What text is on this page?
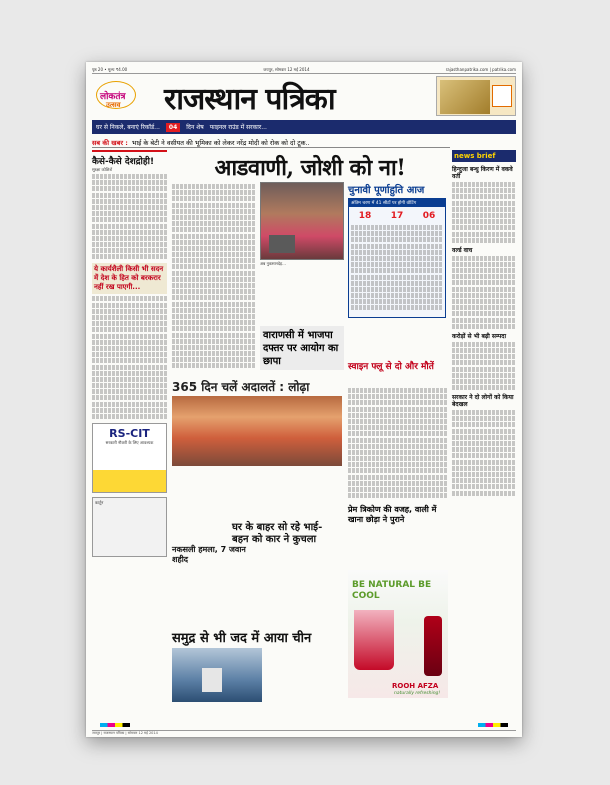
पृष्ठ 20 • मूल्य ₹4.00	जयपुर, सोमवार 12 मई 2014	rajasthanpatrika.com | patrika.com
लोकतंत्र
उत्सव राजस्थान पत्रिका
घर से निकले, बनाएं रिकॉर्ड...	04	दिन शेष फाइनल राउंड में सरकार...
सब की खबर : भाई के बेटी ने वसीयत की भूमिका को लेकर नरेंद्र मोदी को रोक को दो टूक..
कैसे-कैसे देशद्रोही!
सुरक्षा कोशिशें
ये कार्यशैली किसी भी सदन में देश के हित को बरकरार नहीं रख पाएगी...
RS-CIT
सरकारी नौकरी के लिए आवश्यक
कार्टून
आडवाणी, जोशी को ना!
अब नुकसानदेह...
चुनावी पूर्णाहुति आज
अंतिम चरण में 41 सीटों पर होगी वोटिंग
18 17 06
वाराणसी में भाजपा दफ्तर पर आयोग का छापा
365 दिन चलें अदालतें : लोढ़ा
स्वाइन फ्लू से दो और मौतें
नकसली हमला, 7 जवान शहीद
घर के बाहर सो रहे भाई-बहन को कार ने कुचला
प्रेम त्रिकोण की वजह, वाली में खाना छोड़ा ने पुराने
BE NATURAL BE COOL
ROOH AFZA
naturally refreshing!
समुद्र से भी जद में आया चीन
news brief
हिन्दुजा बन्धु किरण में वकवे वर्ती
वर्ल्ड वाच
करोड़ों से भी बढ़ी सम्पदा
सरकार ने दो लोगों को किया बेदखल
जयपुर | राजस्थान पत्रिका | सोमवार 12 मई 2014
